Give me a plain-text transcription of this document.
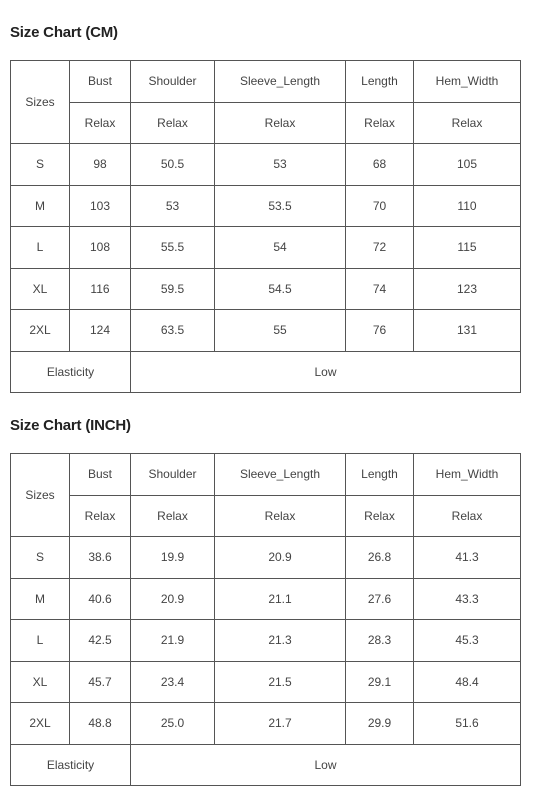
Size Chart (CM)
Sizes	Bust	Shoulder	Sleeve_Length	Length	Hem_Width
	Relax	Relax	Relax	Relax	Relax
S	98	50.5	53	68	105
M	103	53	53.5	70	110
L	108	55.5	54	72	115
XL	116	59.5	54.5	74	123
2XL	124	63.5	55	76	131
Elasticity		Low			
Size Chart (INCH)
Sizes	Bust	Shoulder	Sleeve_Length	Length	Hem_Width
	Relax	Relax	Relax	Relax	Relax
S	38.6	19.9	20.9	26.8	41.3
M	40.6	20.9	21.1	27.6	43.3
L	42.5	21.9	21.3	28.3	45.3
XL	45.7	23.4	21.5	29.1	48.4
2XL	48.8	25.0	21.7	29.9	51.6
Elasticity		Low			
